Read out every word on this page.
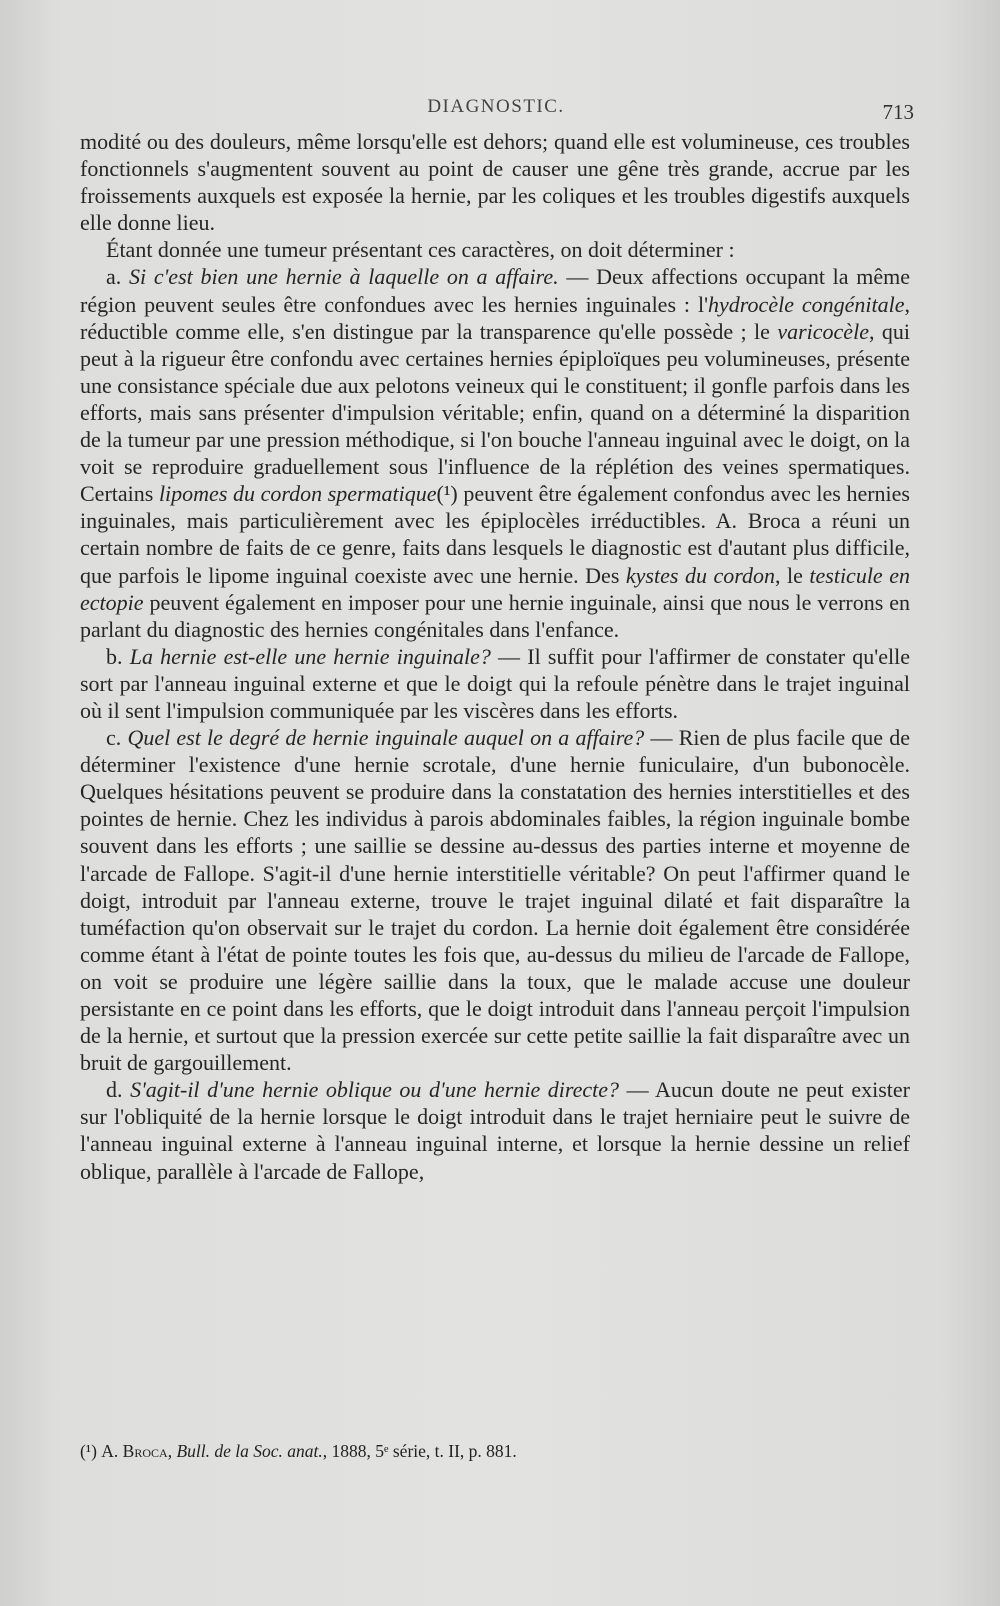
DIAGNOSTIC.	713

modité ou des douleurs, même lorsqu'elle est dehors; quand elle est volumineuse, ces troubles fonctionnels s'augmentent souvent au point de causer une gêne très grande, accrue par les froissements auxquels est exposée la hernie, par les coliques et les troubles digestifs auxquels elle donne lieu.

Étant donnée une tumeur présentant ces caractères, on doit déterminer :

a. Si c'est bien une hernie à laquelle on a affaire. — Deux affections occupant la même région peuvent seules être confondues avec les hernies inguinales : l'hydrocèle congénitale, réductible comme elle, s'en distingue par la transparence qu'elle possède ; le varicocèle, qui peut à la rigueur être confondu avec certaines hernies épiploïques peu volumineuses, présente une consistance spéciale due aux pelotons veineux qui le constituent; il gonfle parfois dans les efforts, mais sans présenter d'impulsion véritable; enfin, quand on a déterminé la disparition de la tumeur par une pression méthodique, si l'on bouche l'anneau inguinal avec le doigt, on la voit se reproduire graduellement sous l'influence de la réplétion des veines spermatiques. Certains lipomes du cordon spermatique(¹) peuvent être également confondus avec les hernies inguinales, mais particulièrement avec les épiplocèles irréductibles. A. Broca a réuni un certain nombre de faits de ce genre, faits dans lesquels le diagnostic est d'autant plus difficile, que parfois le lipome inguinal coexiste avec une hernie. Des kystes du cordon, le testicule en ectopie peuvent également en imposer pour une hernie inguinale, ainsi que nous le verrons en parlant du diagnostic des hernies congénitales dans l'enfance.

b. La hernie est-elle une hernie inguinale? — Il suffit pour l'affirmer de constater qu'elle sort par l'anneau inguinal externe et que le doigt qui la refoule pénètre dans le trajet inguinal où il sent l'impulsion communiquée par les viscères dans les efforts.

c. Quel est le degré de hernie inguinale auquel on a affaire? — Rien de plus facile que de déterminer l'existence d'une hernie scrotale, d'une hernie funiculaire, d'un bubonocèle. Quelques hésitations peuvent se produire dans la constatation des hernies interstitielles et des pointes de hernie. Chez les individus à parois abdominales faibles, la région inguinale bombe souvent dans les efforts ; une saillie se dessine au-dessus des parties interne et moyenne de l'arcade de Fallope. S'agit-il d'une hernie interstitielle véritable? On peut l'affirmer quand le doigt, introduit par l'anneau externe, trouve le trajet inguinal dilaté et fait disparaître la tuméfaction qu'on observait sur le trajet du cordon. La hernie doit également être considérée comme étant à l'état de pointe toutes les fois que, au-dessus du milieu de l'arcade de Fallope, on voit se produire une légère saillie dans la toux, que le malade accuse une douleur persistante en ce point dans les efforts, que le doigt introduit dans l'anneau perçoit l'impulsion de la hernie, et surtout que la pression exercée sur cette petite saillie la fait disparaître avec un bruit de gargouillement.

d. S'agit-il d'une hernie oblique ou d'une hernie directe? — Aucun doute ne peut exister sur l'obliquité de la hernie lorsque le doigt introduit dans le trajet herniaire peut le suivre de l'anneau inguinal externe à l'anneau inguinal interne, et lorsque la hernie dessine un relief oblique, parallèle à l'arcade de Fallope,

(¹) A. Broca, Bull. de la Soc. anat., 1888, 5ᵉ série, t. II, p. 881.
